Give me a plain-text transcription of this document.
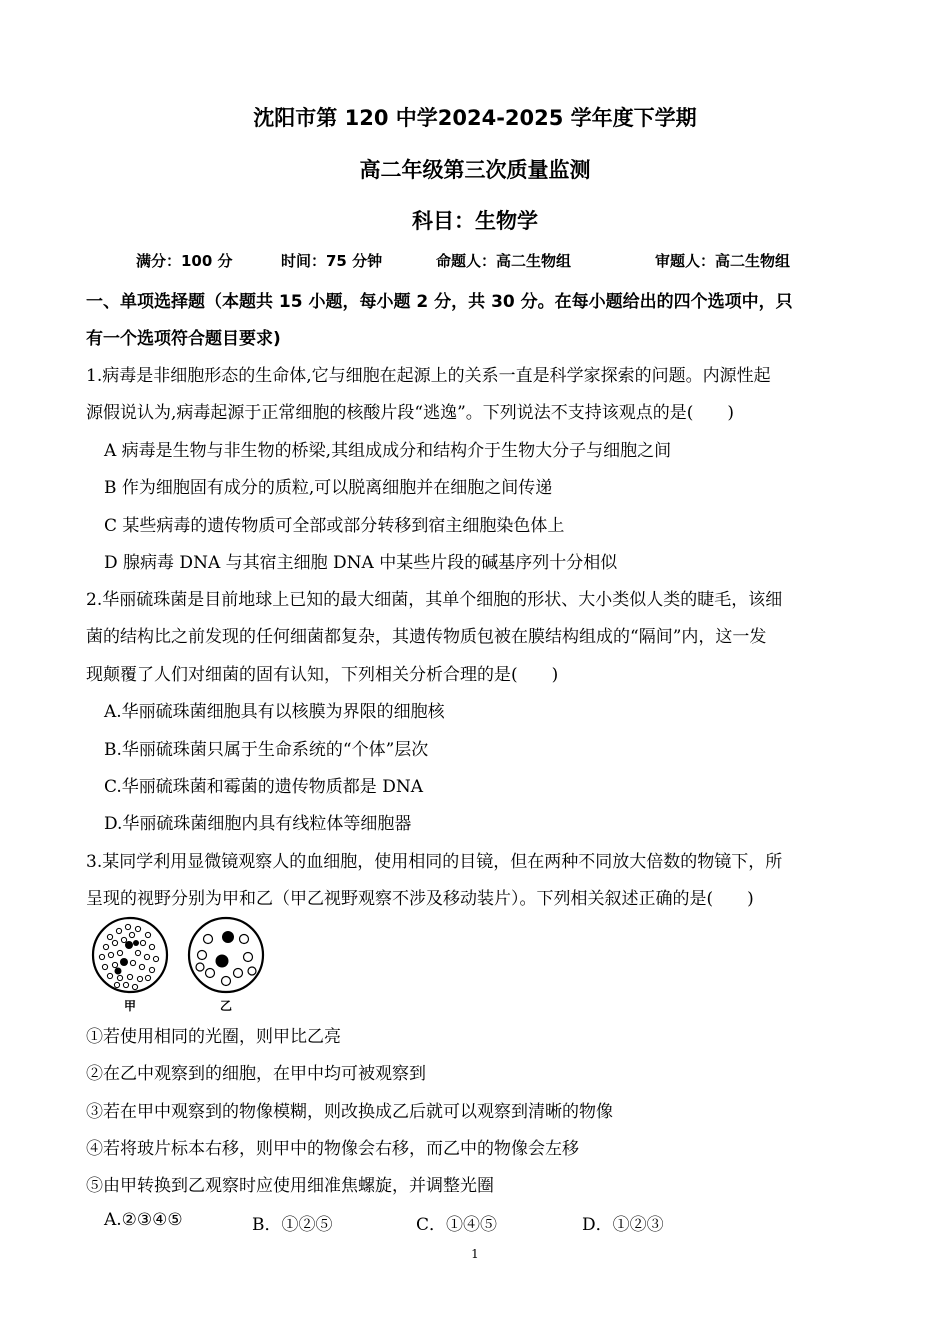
沈阳市第 120 中学2024-2025 学年度下学期
高二年级第三次质量监测
科目：生物学
满分：100 分	时间：75 分钟	命题人：高二生物组	审题人：高二生物组
一、单项选择题（本题共 15 小题，每小题 2 分，共 30 分。在每小题给出的四个选项中，只
有一个选项符合题目要求)
1.病毒是非细胞形态的生命体,它与细胞在起源上的关系一直是科学家探索的问题。内源性起
源假说认为,病毒起源于正常细胞的核酸片段“逃逸”。下列说法不支持该观点的是(　　)
A 病毒是生物与非生物的桥梁,其组成成分和结构介于生物大分子与细胞之间
B 作为细胞固有成分的质粒,可以脱离细胞并在细胞之间传递
C 某些病毒的遗传物质可全部或部分转移到宿主细胞染色体上
D 腺病毒 DNA 与其宿主细胞 DNA 中某些片段的碱基序列十分相似
2.华丽硫珠菌是目前地球上已知的最大细菌，其单个细胞的形状、大小类似人类的睫毛，该细
菌的结构比之前发现的任何细菌都复杂，其遗传物质包被在膜结构组成的“隔间”内，这一发
现颠覆了人们对细菌的固有认知，下列相关分析合理的是(　　)
A.华丽硫珠菌细胞具有以核膜为界限的细胞核
B.华丽硫珠菌只属于生命系统的“个体”层次
C.华丽硫珠菌和霉菌的遗传物质都是 DNA
D.华丽硫珠菌细胞内具有线粒体等细胞器
3.某同学利用显微镜观察人的血细胞，使用相同的目镜，但在两种不同放大倍数的物镜下，所
呈现的视野分别为甲和乙（甲乙视野观察不涉及移动装片）。下列相关叙述正确的是(　　)
甲	乙
①若使用相同的光圈，则甲比乙亮
②在乙中观察到的细胞，在甲中均可被观察到
③若在甲中观察到的物像模糊，则改换成乙后就可以观察到清晰的物像
④若将玻片标本右移，则甲中的物像会右移，而乙中的物像会左移
⑤由甲转换到乙观察时应使用细准焦螺旋，并调整光圈
A.②③④⑤	B．①②⑤	C．①④⑤	D．①②③
1
